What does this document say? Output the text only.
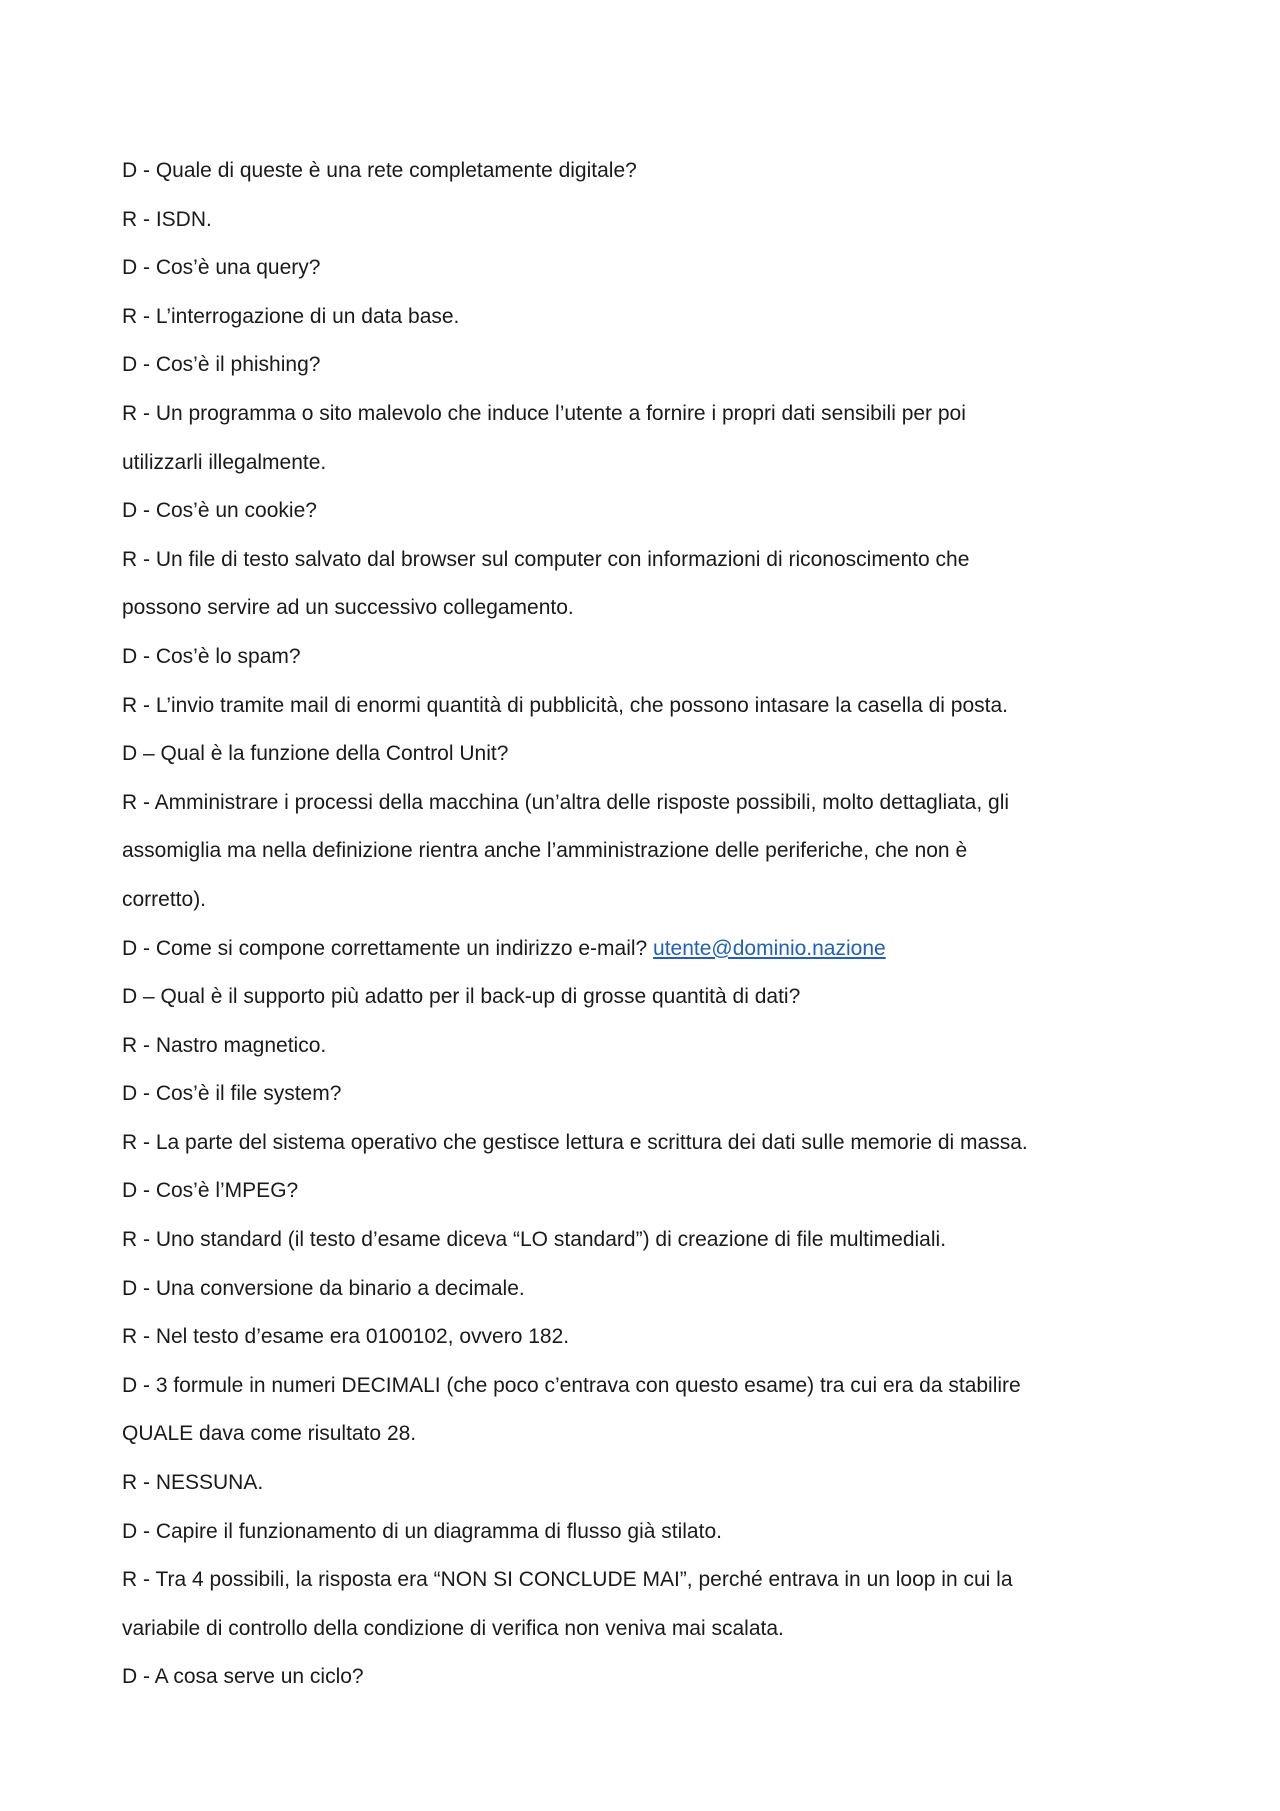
D - Quale di queste è una rete completamente digitale?
R - ISDN.
D - Cos’è una query?
R - L’interrogazione di un data base.
D - Cos’è il phishing?
R - Un programma o sito malevolo che induce l’utente a fornire i propri dati sensibili per poi
utilizzarli illegalmente.
D - Cos’è un cookie?
R - Un file di testo salvato dal browser sul computer con informazioni di riconoscimento che
possono servire ad un successivo collegamento.
D - Cos’è lo spam?
R - L’invio tramite mail di enormi quantità di pubblicità, che possono intasare la casella di posta.
D – Qual è la funzione della Control Unit?
R - Amministrare i processi della macchina (un’altra delle risposte possibili, molto dettagliata, gli
assomiglia ma nella definizione rientra anche l’amministrazione delle periferiche, che non è
corretto).
D - Come si compone correttamente un indirizzo e-mail? utente@dominio.nazione
D – Qual è il supporto più adatto per il back-up di grosse quantità di dati?
R - Nastro magnetico.
D - Cos’è il file system?
R - La parte del sistema operativo che gestisce lettura e scrittura dei dati sulle memorie di massa.
D - Cos’è l’MPEG?
R - Uno standard (il testo d’esame diceva “LO standard”) di creazione di file multimediali.
D - Una conversione da binario a decimale.
R - Nel testo d’esame era 0100102, ovvero 182.
D - 3 formule in numeri DECIMALI (che poco c’entrava con questo esame) tra cui era da stabilire
QUALE dava come risultato 28.
R - NESSUNA.
D - Capire il funzionamento di un diagramma di flusso già stilato.
R - Tra 4 possibili, la risposta era “NON SI CONCLUDE MAI”, perché entrava in un loop in cui la
variabile di controllo della condizione di verifica non veniva mai scalata.
D - A cosa serve un ciclo?
